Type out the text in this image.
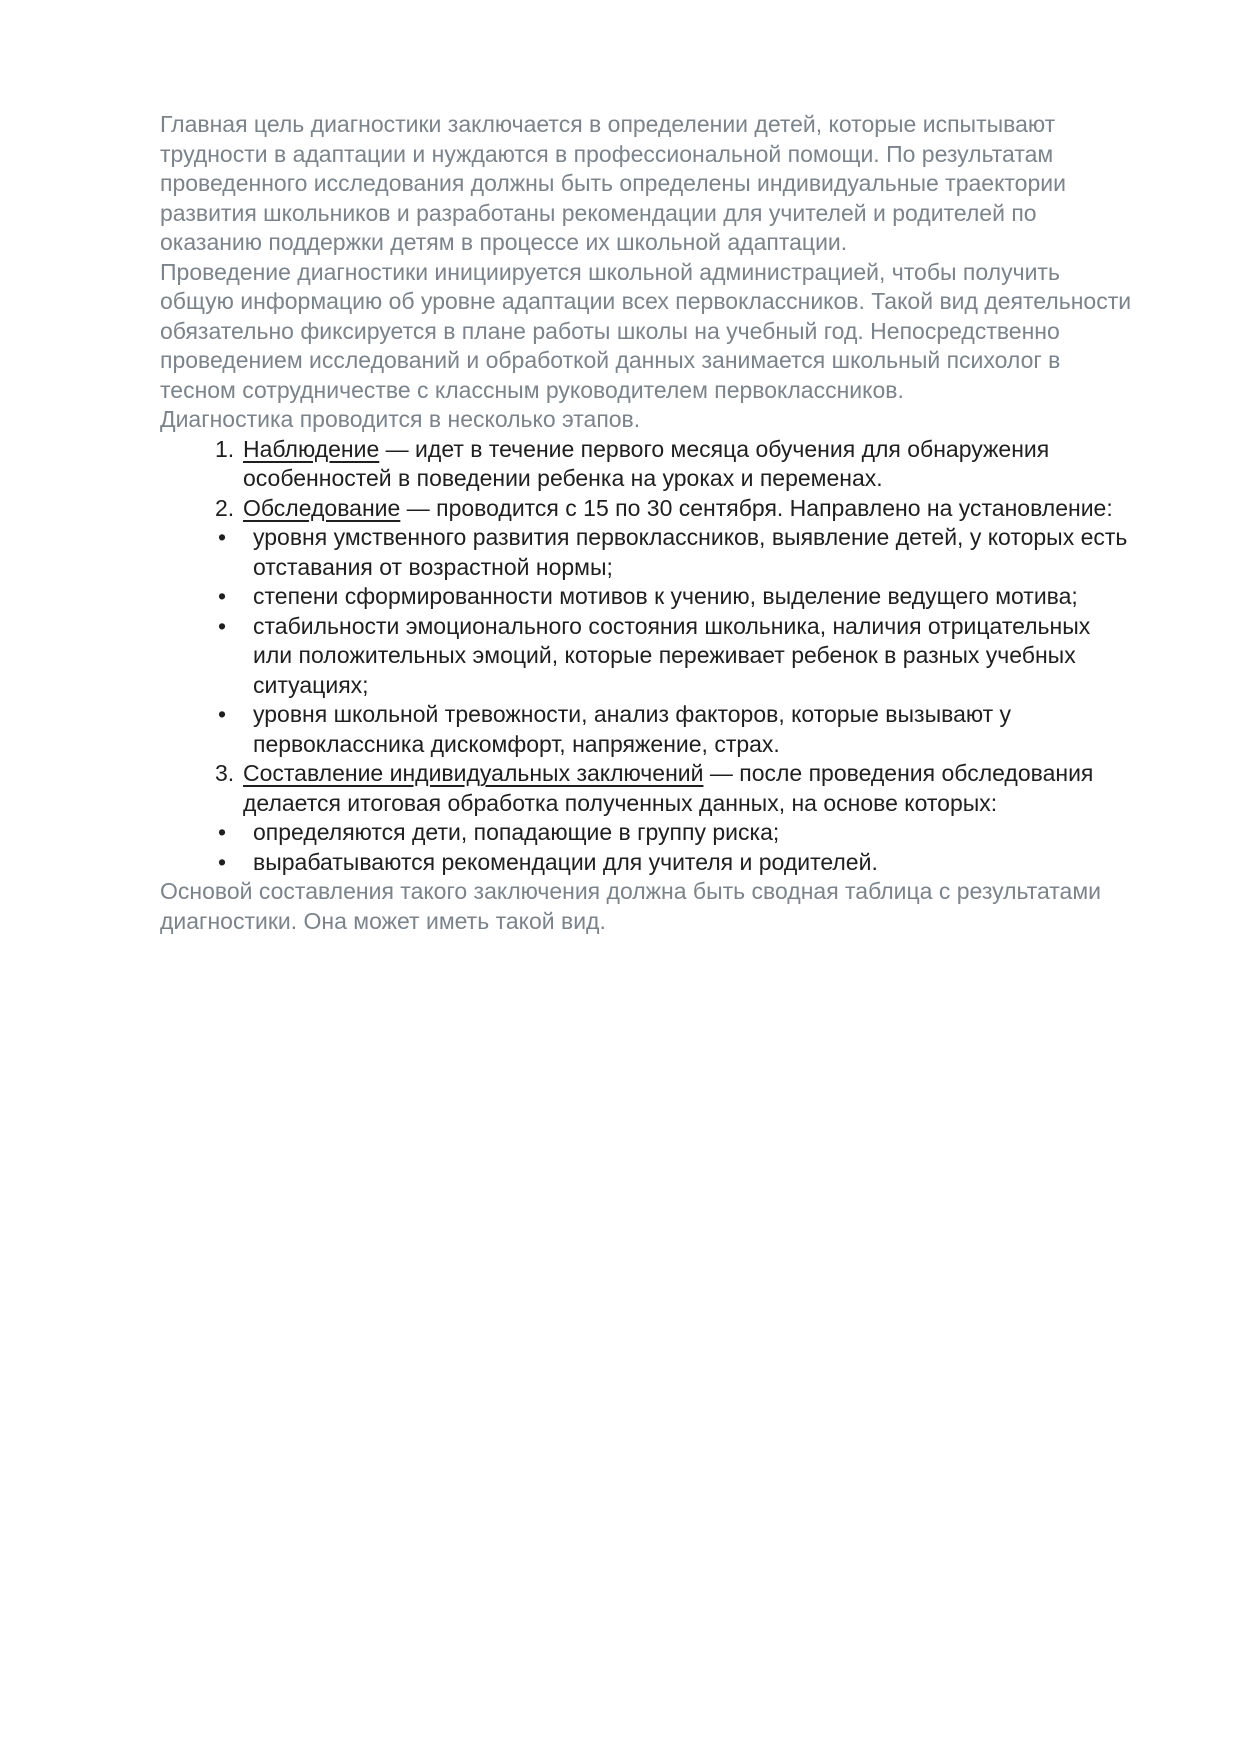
Главная цель диагностики заключается в определении детей, которые испытывают трудности в адаптации и нуждаются в профессиональной помощи. По результатам проведенного исследования должны быть определены индивидуальные траектории развития школьников и разработаны рекомендации для учителей и родителей по оказанию поддержки детям в процессе их школьной адаптации.

Проведение диагностики инициируется школьной администрацией, чтобы получить общую информацию об уровне адаптации всех первоклассников. Такой вид деятельности обязательно фиксируется в плане работы школы на учебный год. Непосредственно проведением исследований и обработкой данных занимается школьный психолог в тесном сотрудничестве с классным руководителем первоклассников.

Диагностика проводится в несколько этапов.

1. Наблюдение — идет в течение первого месяца обучения для обнаружения особенностей в поведении ребенка на уроках и переменах.
2. Обследование — проводится с 15 по 30 сентября. Направлено на установление:
•	уровня умственного развития первоклассников, выявление детей, у которых есть отставания от возрастной нормы;
•	степени сформированности мотивов к учению, выделение ведущего мотива;
•	стабильности эмоционального состояния школьника, наличия отрицательных или положительных эмоций, которые переживает ребенок в разных учебных ситуациях;
•	уровня школьной тревожности, анализ факторов, которые вызывают у первоклассника дискомфорт, напряжение, страх.
3. Составление индивидуальных заключений — после проведения обследования делается итоговая обработка полученных данных, на основе которых:
•	определяются дети, попадающие в группу риска;
•	вырабатываются рекомендации для учителя и родителей.

Основой составления такого заключения должна быть сводная таблица с результатами диагностики. Она может иметь такой вид.
